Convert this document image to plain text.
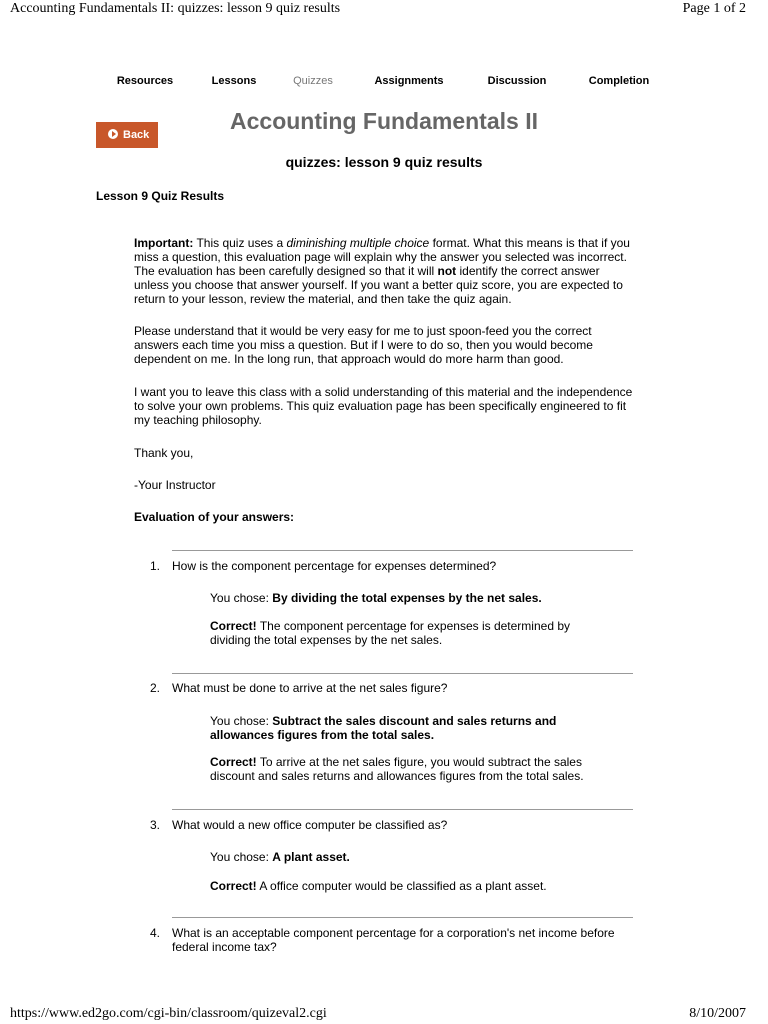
Accounting Fundamentals II: quizzes: lesson 9 quiz results	Page 1 of 2
Resources	Lessons	Quizzes	Assignments	Discussion	Completion
Back
Accounting Fundamentals II
quizzes: lesson 9 quiz results
Lesson 9 Quiz Results
Important: This quiz uses a diminishing multiple choice format. What this means is that if you miss a question, this evaluation page will explain why the answer you selected was incorrect. The evaluation has been carefully designed so that it will not identify the correct answer unless you choose that answer yourself. If you want a better quiz score, you are expected to return to your lesson, review the material, and then take the quiz again.
Please understand that it would be very easy for me to just spoon-feed you the correct answers each time you miss a question. But if I were to do so, then you would become dependent on me. In the long run, that approach would do more harm than good.
I want you to leave this class with a solid understanding of this material and the independence to solve your own problems. This quiz evaluation page has been specifically engineered to fit my teaching philosophy.
Thank you,
-Your Instructor
Evaluation of your answers:
1. How is the component percentage for expenses determined?
You chose: By dividing the total expenses by the net sales.
Correct! The component percentage for expenses is determined by dividing the total expenses by the net sales.
2. What must be done to arrive at the net sales figure?
You chose: Subtract the sales discount and sales returns and allowances figures from the total sales.
Correct! To arrive at the net sales figure, you would subtract the sales discount and sales returns and allowances figures from the total sales.
3. What would a new office computer be classified as?
You chose: A plant asset.
Correct! A office computer would be classified as a plant asset.
4. What is an acceptable component percentage for a corporation's net income before federal income tax?
https://www.ed2go.com/cgi-bin/classroom/quizeval2.cgi	8/10/2007
